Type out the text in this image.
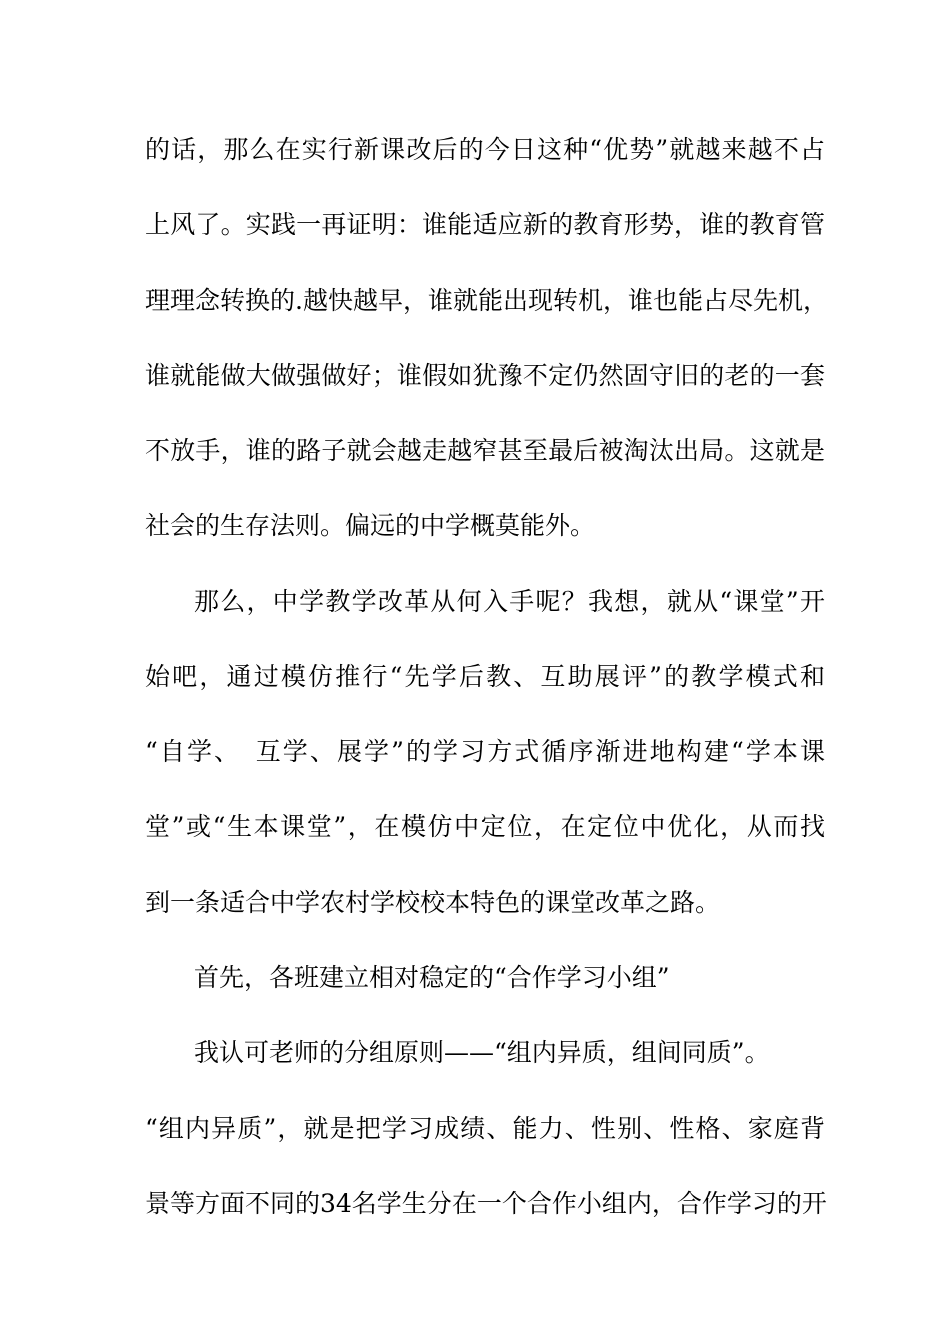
的话，那么在实行新课改后的今日这种“优势”就越来越不占
上风了。实践一再证明：谁能适应新的教育形势，谁的教育管
理理念转换的.越快越早，谁就能出现转机，谁也能占尽先机，
谁就能做大做强做好；谁假如犹豫不定仍然固守旧的老的一套
不放手，谁的路子就会越走越窄甚至最后被淘汰出局。这就是
社会的生存法则。偏远的中学概莫能外。
那么，中学教学改革从何入手呢？我想，就从“课堂”开
始吧，通过模仿推行“先学后教、互助展评”的教学模式和
“自学、　互学、展学”的学习方式循序渐进地构建“学本课
堂”或“生本课堂”，在模仿中定位，在定位中优化，从而找
到一条适合中学农村学校校本特色的课堂改革之路。
首先，各班建立相对稳定的“合作学习小组”
我认可老师的分组原则——“组内异质，组间同质”。
“组内异质”，就是把学习成绩、能力、性别、性格、家庭背
景等方面不同的34名学生分在一个合作小组内，合作学习的开
